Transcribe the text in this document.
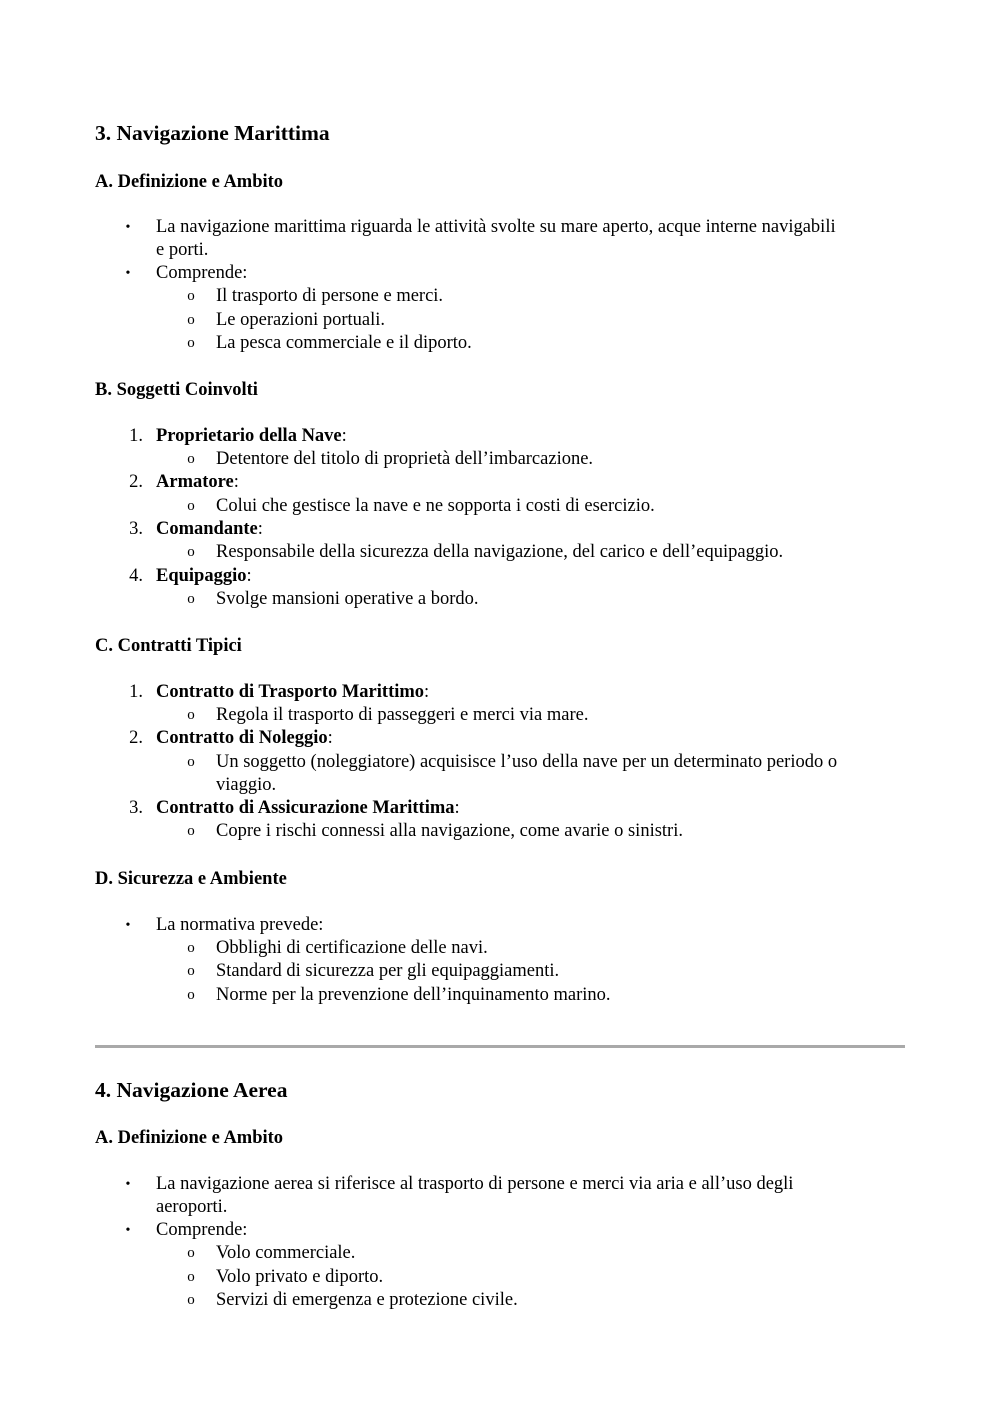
3. Navigazione Marittima
A. Definizione e Ambito
• La navigazione marittima riguarda le attività svolte su mare aperto, acque interne navigabili
e porti.
• Comprende:
o Il trasporto di persone e merci.
o Le operazioni portuali.
o La pesca commerciale e il diporto.
B. Soggetti Coinvolti
1. Proprietario della Nave:
o Detentore del titolo di proprietà dell’imbarcazione.
2. Armatore:
o Colui che gestisce la nave e ne sopporta i costi di esercizio.
3. Comandante:
o Responsabile della sicurezza della navigazione, del carico e dell’equipaggio.
4. Equipaggio:
o Svolge mansioni operative a bordo.
C. Contratti Tipici
1. Contratto di Trasporto Marittimo:
o Regola il trasporto di passeggeri e merci via mare.
2. Contratto di Noleggio:
o Un soggetto (noleggiatore) acquisisce l’uso della nave per un determinato periodo o
viaggio.
3. Contratto di Assicurazione Marittima:
o Copre i rischi connessi alla navigazione, come avarie o sinistri.
D. Sicurezza e Ambiente
• La normativa prevede:
o Obblighi di certificazione delle navi.
o Standard di sicurezza per gli equipaggiamenti.
o Norme per la prevenzione dell’inquinamento marino.
4. Navigazione Aerea
A. Definizione e Ambito
• La navigazione aerea si riferisce al trasporto di persone e merci via aria e all’uso degli
aeroporti.
• Comprende:
o Volo commerciale.
o Volo privato e diporto.
o Servizi di emergenza e protezione civile.
